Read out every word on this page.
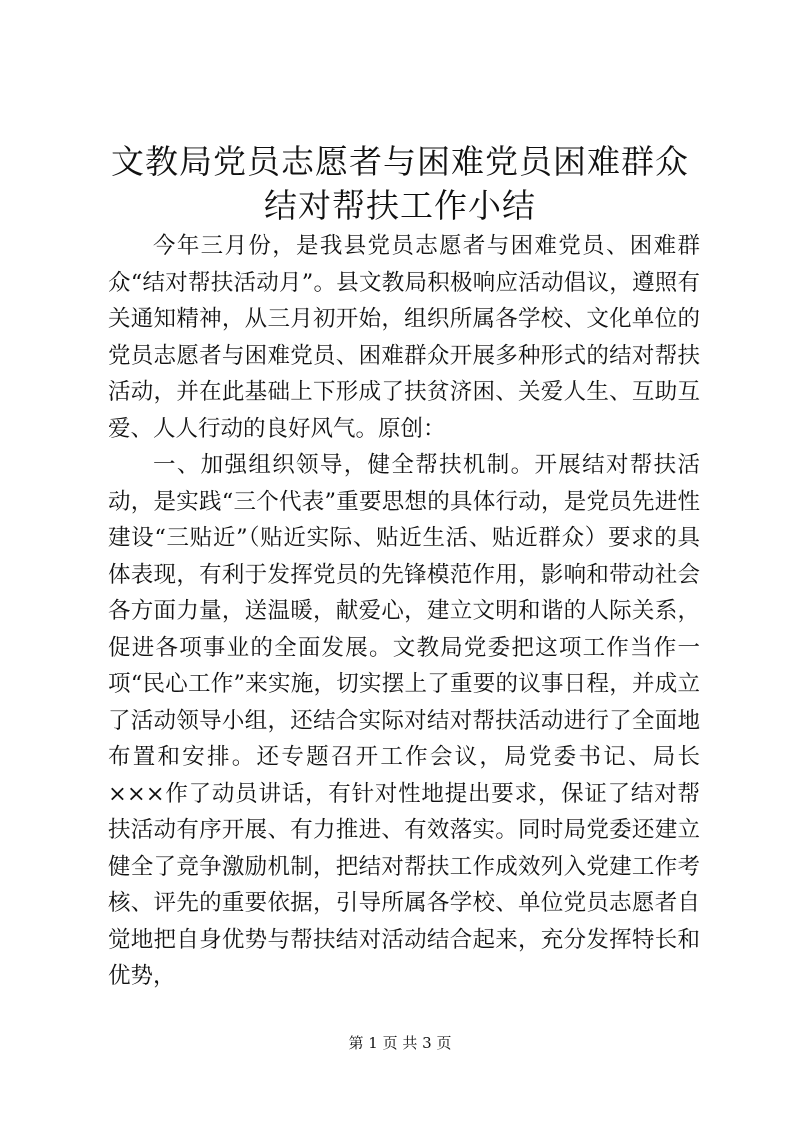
文教局党员志愿者与困难党员困难群众结对帮扶工作小结

今年三月份，是我县党员志愿者与困难党员、困难群众“结对帮扶活动月”。县文教局积极响应活动倡议，遵照有关通知精神，从三月初开始，组织所属各学校、文化单位的党员志愿者与困难党员、困难群众开展多种形式的结对帮扶活动，并在此基础上下形成了扶贫济困、关爱人生、互助互爱、人人行动的良好风气。原创：

一、加强组织领导，健全帮扶机制。开展结对帮扶活动，是实践“三个代表”重要思想的具体行动，是党员先进性建设“三贴近”（贴近实际、贴近生活、贴近群众）要求的具体表现，有利于发挥党员的先锋模范作用，影响和带动社会各方面力量，送温暖，献爱心，建立文明和谐的人际关系，促进各项事业的全面发展。文教局党委把这项工作当作一项“民心工作”来实施，切实摆上了重要的议事日程，并成立了活动领导小组，还结合实际对结对帮扶活动进行了全面地布置和安排。还专题召开工作会议，局党委书记、局长×××作了动员讲话，有针对性地提出要求，保证了结对帮扶活动有序开展、有力推进、有效落实。同时局党委还建立健全了竞争激励机制，把结对帮扶工作成效列入党建工作考核、评先的重要依据，引导所属各学校、单位党员志愿者自觉地把自身优势与帮扶结对活动结合起来，充分发挥特长和优势，

第 1 页 共 3 页
